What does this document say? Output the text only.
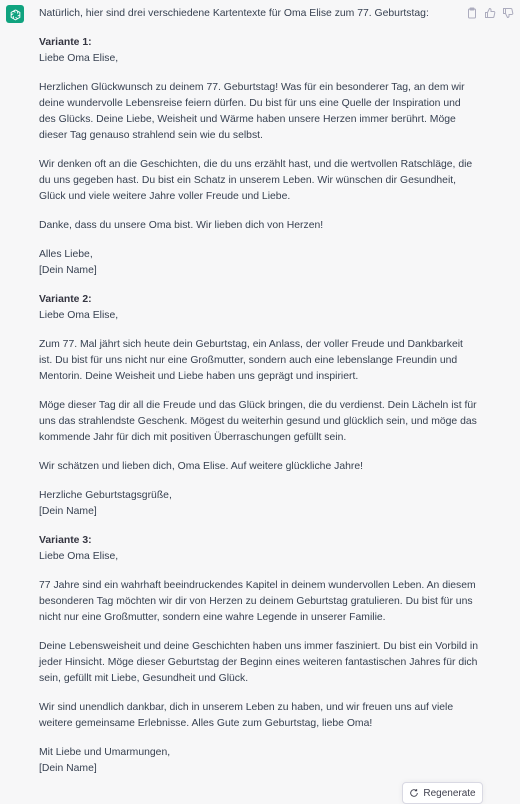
Natürlich, hier sind drei verschiedene Kartentexte für Oma Elise zum 77. Geburtstag:

Variante 1:

Liebe Oma Elise,

Herzlichen Glückwunsch zu deinem 77. Geburtstag! Was für ein besonderer Tag, an dem wir deine wundervolle Lebensreise feiern dürfen. Du bist für uns eine Quelle der Inspiration und des Glücks. Deine Liebe, Weisheit und Wärme haben unsere Herzen immer berührt. Möge dieser Tag genauso strahlend sein wie du selbst.

Wir denken oft an die Geschichten, die du uns erzählt hast, und die wertvollen Ratschläge, die du uns gegeben hast. Du bist ein Schatz in unserem Leben. Wir wünschen dir Gesundheit, Glück und viele weitere Jahre voller Freude und Liebe.

Danke, dass du unsere Oma bist. Wir lieben dich von Herzen!

Alles Liebe,
[Dein Name]

Variante 2:

Liebe Oma Elise,

Zum 77. Mal jährt sich heute dein Geburtstag, ein Anlass, der voller Freude und Dankbarkeit ist. Du bist für uns nicht nur eine Großmutter, sondern auch eine lebenslange Freundin und Mentorin. Deine Weisheit und Liebe haben uns geprägt und inspiriert.

Möge dieser Tag dir all die Freude und das Glück bringen, die du verdienst. Dein Lächeln ist für uns das strahlendste Geschenk. Mögest du weiterhin gesund und glücklich sein, und möge das kommende Jahr für dich mit positiven Überraschungen gefüllt sein.

Wir schätzen und lieben dich, Oma Elise. Auf weitere glückliche Jahre!

Herzliche Geburtstagsgrüße,
[Dein Name]

Variante 3:

Liebe Oma Elise,

77 Jahre sind ein wahrhaft beeindruckendes Kapitel in deinem wundervollen Leben. An diesem besonderen Tag möchten wir dir von Herzen zu deinem Geburtstag gratulieren. Du bist für uns nicht nur eine Großmutter, sondern eine wahre Legende in unserer Familie.

Deine Lebensweisheit und deine Geschichten haben uns immer fasziniert. Du bist ein Vorbild in jeder Hinsicht. Möge dieser Geburtstag der Beginn eines weiteren fantastischen Jahres für dich sein, gefüllt mit Liebe, Gesundheit und Glück.

Wir sind unendlich dankbar, dich in unserem Leben zu haben, und wir freuen uns auf viele weitere gemeinsame Erlebnisse. Alles Gute zum Geburtstag, liebe Oma!

Mit Liebe und Umarmungen,
[Dein Name]

Regenerate
